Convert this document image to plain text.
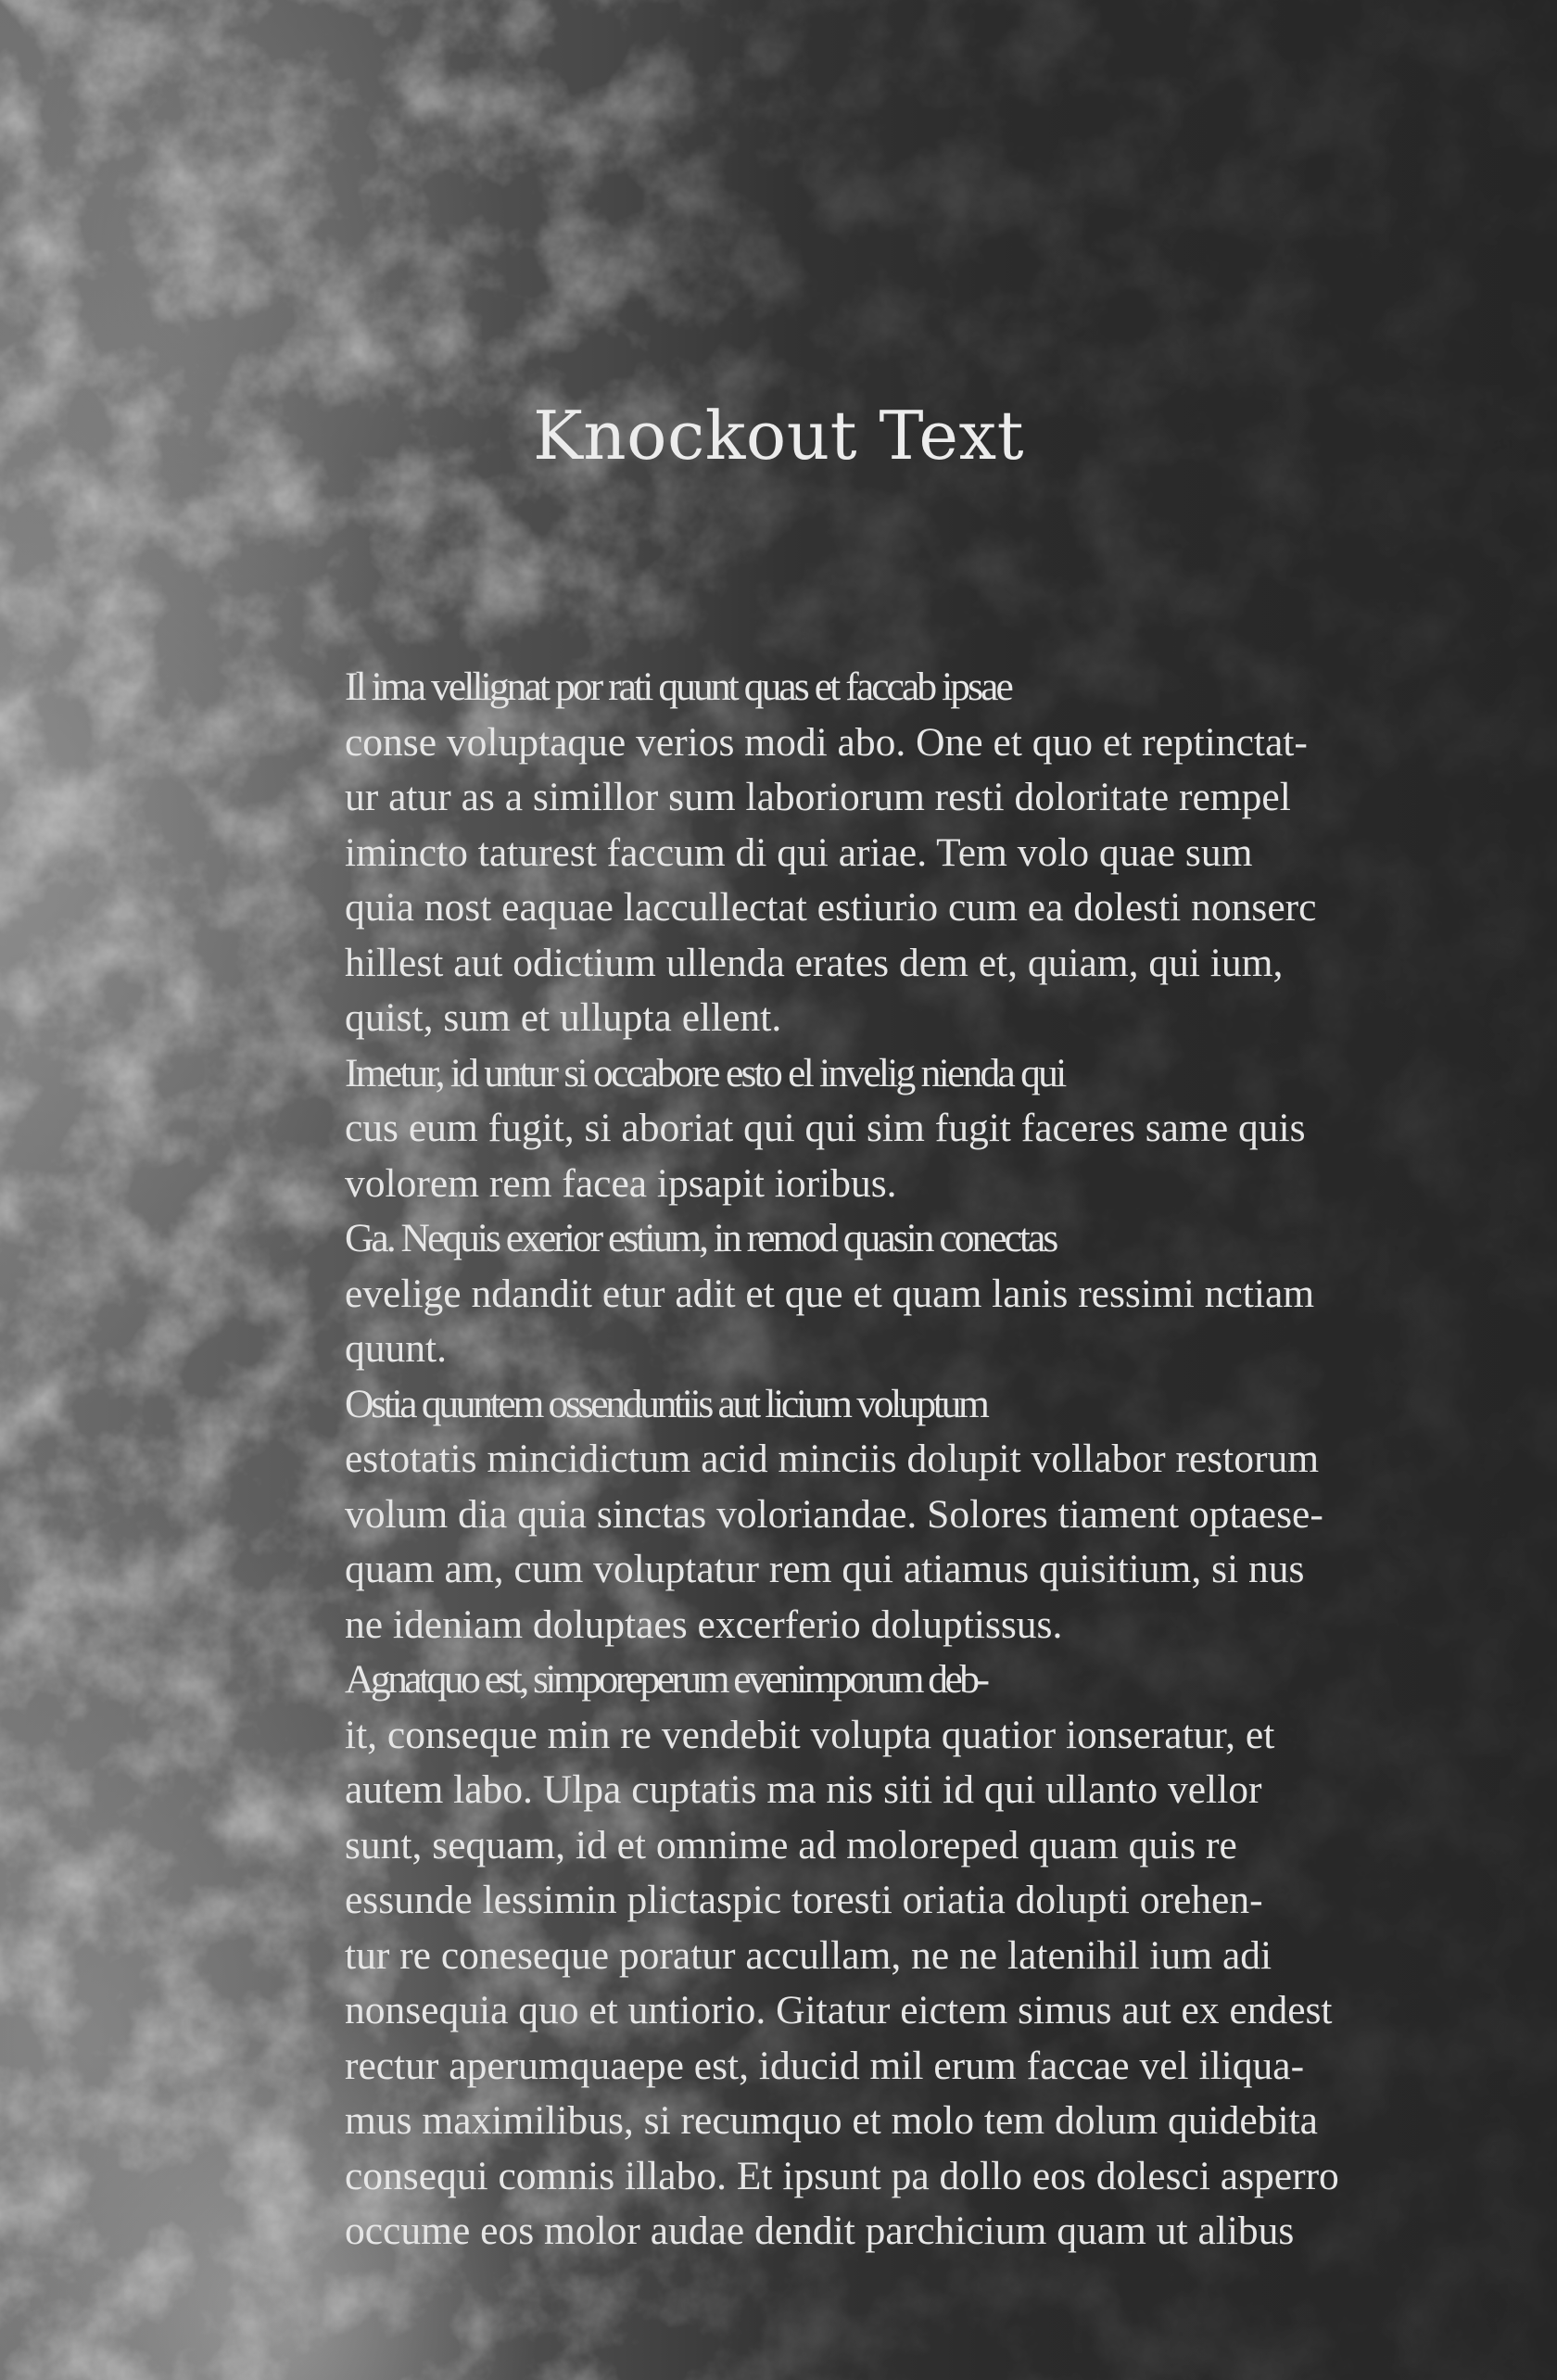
Knockout Text

Il ima vellignat por rati quunt quas et faccab ipsae
conse voluptaque verios modi abo. One et quo et reptinctat-
ur atur as a simillor sum laboriorum resti doloritate rempel
imincto taturest faccum di qui ariae. Tem volo quae sum
quia nost eaquae laccullectat estiurio cum ea dolesti nonserc
hillest aut odictium ullenda erates dem et, quiam, qui ium,
quist, sum et ullupta ellent.

Imetur, id untur si occabore esto el invelig nienda qui
cus eum fugit, si aboriat qui qui sim fugit faceres same quis
volorem rem facea ipsapit ioribus.

Ga. Nequis exerior estium, in remod quasin conectas
evelige ndandit etur adit et que et quam lanis ressimi nctiam
quunt.

Ostia quuntem ossenduntiis aut licium voluptum
estotatis mincidictum acid minciis dolupit vollabor restorum
volum dia quia sinctas voloriandae. Solores tiament optaese-
quam am, cum voluptatur rem qui atiamus quisitium, si nus
ne ideniam doluptaes excerferio doluptissus.

Agnatquo est, simporeperum evenimporum deb-
it, conseque min re vendebit volupta quatior ionseratur, et
autem labo. Ulpa cuptatis ma nis siti id qui ullanto vellor
sunt, sequam, id et omnime ad moloreped quam quis re
essunde lessimin plictaspic toresti oriatia dolupti orehen-
tur re coneseque poratur accullam, ne ne latenihil ium adi
nonsequia quo et untiorio. Gitatur eictem simus aut ex endest
rectur aperumquaepe est, iducid mil erum faccae vel iliqua-
mus maximilibus, si recumquo et molo tem dolum quidebita
consequi comnis illabo. Et ipsunt pa dollo eos dolesci asperro
occume eos molor audae dendit parchicium quam ut alibus
